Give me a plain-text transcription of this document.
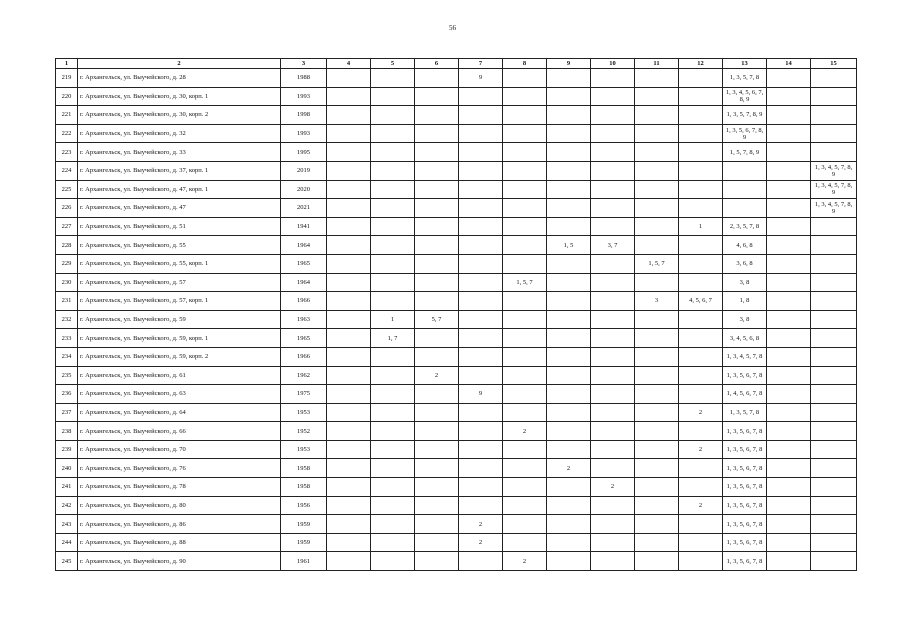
56
1	2	3	4	5	6	7	8	9	10	11	12	13	14	15
219	г. Архангельск, ул. Выучейского, д. 28	1988				9						1, 3, 5, 7, 8		
220	г. Архангельск, ул. Выучейского, д. 30, корп. 1	1993										1, 3, 4, 5, 6, 7, 8, 9		
221	г. Архангельск, ул. Выучейского, д. 30, корп. 2	1998										1, 3, 5, 7, 8, 9		
222	г. Архангельск, ул. Выучейского, д. 32	1993										1, 3, 5, 6, 7, 8, 9		
223	г. Архангельск, ул. Выучейского, д. 33	1995										1, 5, 7, 8, 9		
224	г. Архангельск, ул. Выучейского, д. 37, корп. 1	2019												1, 3, 4, 5, 7, 8, 9
225	г. Архангельск, ул. Выучейского, д. 47, корп. 1	2020												1, 3, 4, 5, 7, 8, 9
226	г. Архангельск, ул. Выучейского, д. 47	2021												1, 3, 4, 5, 7, 8, 9
227	г. Архангельск, ул. Выучейского, д. 51	1941									1	2, 3, 5, 7, 8		
228	г. Архангельск, ул. Выучейского, д. 55	1964						1, 5	3, 7			4, 6, 8		
229	г. Архангельск, ул. Выучейского, д. 55, корп. 1	1965								1, 5, 7		3, 6, 8		
230	г. Архангельск, ул. Выучейского, д. 57	1964					1, 5, 7					3, 8		
231	г. Архангельск, ул. Выучейского, д. 57, корп. 1	1966								3	4, 5, 6, 7	1, 8		
232	г. Архангельск, ул. Выучейского, д. 59	1963		1	5, 7							3, 8		
233	г. Архангельск, ул. Выучейского, д. 59, корп. 1	1965		1, 7								3, 4, 5, 6, 8		
234	г. Архангельск, ул. Выучейского, д. 59, корп. 2	1966										1, 3, 4, 5, 7, 8		
235	г. Архангельск, ул. Выучейского, д. 61	1962			2							1, 3, 5, 6, 7, 8		
236	г. Архангельск, ул. Выучейского, д. 63	1975				9						1, 4, 5, 6, 7, 8		
237	г. Архангельск, ул. Выучейского, д. 64	1953									2	1, 3, 5, 7, 8		
238	г. Архангельск, ул. Выучейского, д. 66	1952					2					1, 3, 5, 6, 7, 8		
239	г. Архангельск, ул. Выучейского, д. 70	1953									2	1, 3, 5, 6, 7, 8		
240	г. Архангельск, ул. Выучейского, д. 76	1958						2				1, 3, 5, 6, 7, 8		
241	г. Архангельск, ул. Выучейского, д. 78	1958							2			1, 3, 5, 6, 7, 8		
242	г. Архангельск, ул. Выучейского, д. 80	1956									2	1, 3, 5, 6, 7, 8		
243	г. Архангельск, ул. Выучейского, д. 86	1959				2						1, 3, 5, 6, 7, 8		
244	г. Архангельск, ул. Выучейского, д. 88	1959				2						1, 3, 5, 6, 7, 8		
245	г. Архангельск, ул. Выучейского, д. 90	1961					2					1, 3, 5, 6, 7, 8		
